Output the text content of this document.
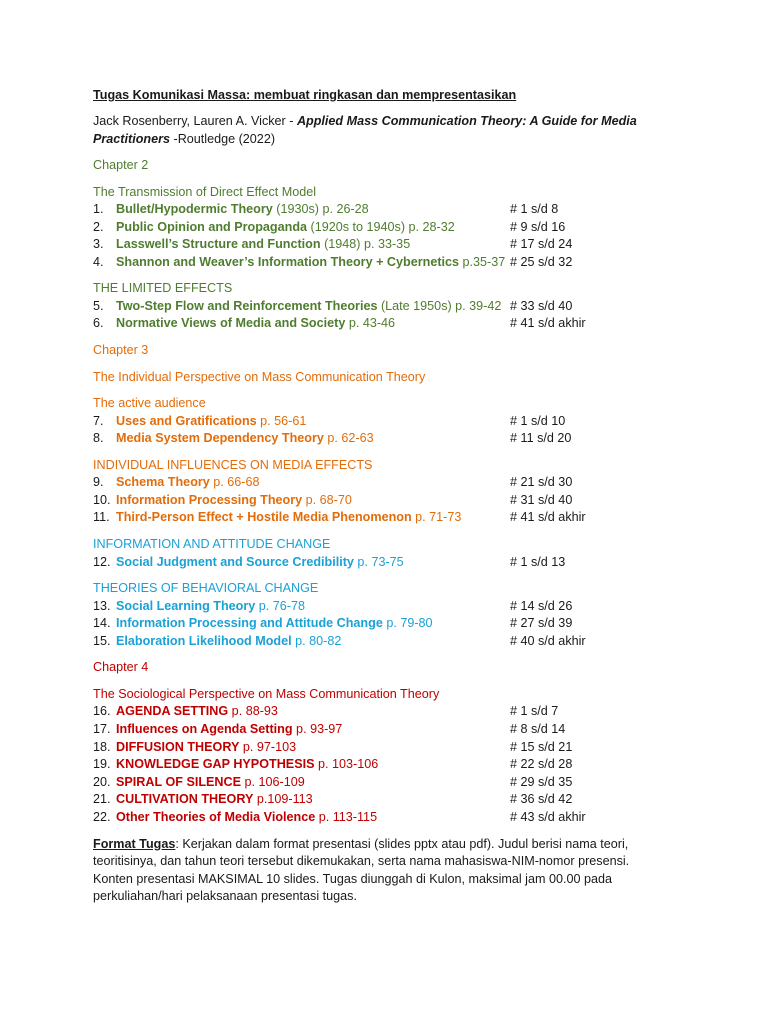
Tugas Komunikasi Massa: membuat ringkasan dan mempresentasikan
Jack Rosenberry, Lauren A. Vicker - Applied Mass Communication Theory: A Guide for Media Practitioners -Routledge (2022)
Chapter 2
The Transmission of Direct Effect Model
1. Bullet/Hypodermic Theory (1930s) p. 26-28	# 1 s/d 8
2. Public Opinion and Propaganda (1920s to 1940s) p. 28-32	# 9 s/d 16
3. Lasswell’s Structure and Function (1948) p. 33-35	# 17 s/d 24
4. Shannon and Weaver’s Information Theory + Cybernetics p.35-37 # 25 s/d 32
THE LIMITED EFFECTS
5. Two-Step Flow and Reinforcement Theories (Late 1950s) p. 39-42 # 33 s/d 40
6. Normative Views of Media and Society p. 43-46	# 41 s/d akhir
Chapter 3
The Individual Perspective on Mass Communication Theory
The active audience
7. Uses and Gratifications p. 56-61	# 1 s/d 10
8. Media System Dependency Theory p. 62-63	# 11 s/d 20
INDIVIDUAL INFLUENCES ON MEDIA EFFECTS
9. Schema Theory p. 66-68	# 21 s/d 30
10. Information Processing Theory p. 68-70	# 31 s/d 40
11. Third-Person Effect + Hostile Media Phenomenon p. 71-73	# 41 s/d akhir
INFORMATION AND ATTITUDE CHANGE
12. Social Judgment and Source Credibility p. 73-75	# 1 s/d 13
THEORIES OF BEHAVIORAL CHANGE
13. Social Learning Theory p. 76-78	# 14 s/d 26
14. Information Processing and Attitude Change p. 79-80	# 27 s/d 39
15. Elaboration Likelihood Model p. 80-82	# 40 s/d akhir
Chapter 4
The Sociological Perspective on Mass Communication Theory
16. AGENDA SETTING p. 88-93	# 1 s/d 7
17. Influences on Agenda Setting p. 93-97	# 8 s/d 14
18. DIFFUSION THEORY p. 97-103	# 15 s/d 21
19. KNOWLEDGE GAP HYPOTHESIS p. 103-106	# 22 s/d 28
20. SPIRAL OF SILENCE p. 106-109	# 29 s/d 35
21. CULTIVATION THEORY p.109-113	# 36 s/d 42
22. Other Theories of Media Violence p. 113-115	# 43 s/d akhir
Format Tugas: Kerjakan dalam format presentasi (slides pptx atau pdf). Judul berisi nama teori,
teoritisinya, dan tahun teori tersebut dikemukakan, serta nama mahasiswa-NIM-nomor presensi.
Konten presentasi MAKSIMAL 10 slides. Tugas diunggah di Kulon, maksimal jam 00.00 pada
perkuliahan/hari pelaksanaan presentasi tugas.
